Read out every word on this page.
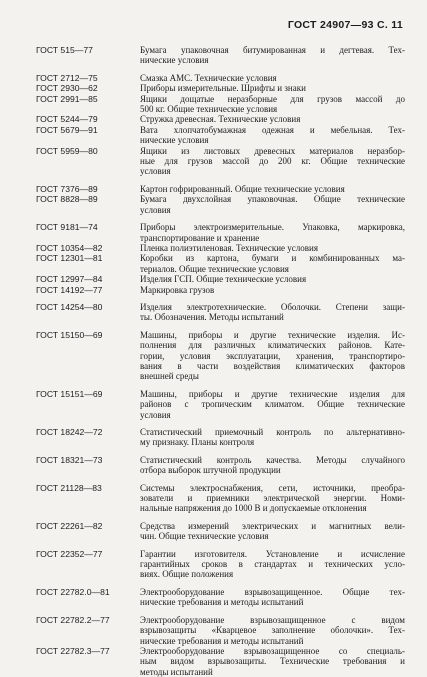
ГОСТ 24907—93 С. 11
ГОСТ 515—77	Бумага упаковочная битумированная и дегтевая. Тех-
нические условия
ГОСТ 2712—75	Смазка АМС. Технические условия
ГОСТ 2930—62	Приборы измерительные. Шрифты и знаки
ГОСТ 2991—85	Ящики дощатые неразборные для грузов массой до
500 кг. Общие технические условия
ГОСТ 5244—79	Стружка древесная. Технические условия
ГОСТ 5679—91	Вата хлопчатобумажная одежная и мебельная. Тех-
нические условия
ГОСТ 5959—80	Ящики из листовых древесных материалов неразбор-
ные для грузов массой до 200 кг. Общие технические
условия
ГОСТ 7376—89	Картон гофрированный. Общие технические условия
ГОСТ 8828—89	Бумага двухслойная упаковочная. Общие технические
условия
ГОСТ 9181—74	Приборы электроизмерительные. Упаковка, маркировка,
транспортирование и хранение
ГОСТ 10354—82	Пленка полиэтиленовая. Технические условия
ГОСТ 12301—81	Коробки из картона, бумаги и комбинированных ма-
териалов. Общие технические условия
ГОСТ 12997—84	Изделия ГСП. Общие технические условия
ГОСТ 14192—77	Маркировка грузов
ГОСТ 14254—80	Изделия электротехнические. Оболочки. Степени защи-
ты. Обозначения. Методы испытаний
ГОСТ 15150—69	Машины, приборы и другие технические изделия. Ис-
полнения для различных климатических районов. Кате-
гории, условия эксплуатации, хранения, транспортиро-
вания в части воздействия климатических факторов
внешней среды
ГОСТ 15151—69	Машины, приборы и другие технические изделия для
районов с тропическим климатом. Общие технические
условия
ГОСТ 18242—72	Статистический приемочный контроль по альтернативно-
му признаку. Планы контроля
ГОСТ 18321—73	Статистический контроль качества. Методы случайного
отбора выборок штучной продукции
ГОСТ 21128—83	Системы электроснабжения, сети, источники, преобра-
зователи и приемники электрической энергии. Номи-
нальные напряжения до 1000 В и допускаемые отклонения
ГОСТ 22261—82	Средства измерений электрических и магнитных вели-
чин. Общие технические условия
ГОСТ 22352—77	Гарантии изготовителя. Установление и исчисление
гарантийных сроков в стандартах и технических усло-
виях. Общие положения
ГОСТ 22782.0—81	Электрооборудование взрывозащищенное. Общие тех-
нические требования и методы испытаний
ГОСТ 22782.2—77	Электрооборудование взрывозащищенное с видом
взрывозащиты «Кварцевое заполнение оболочки». Тех-
нические требования и методы испытаний
ГОСТ 22782.3—77	Электрооборудование взрывозащищенное со специаль-
ным видом взрывозащиты. Технические требования и
методы испытаний
